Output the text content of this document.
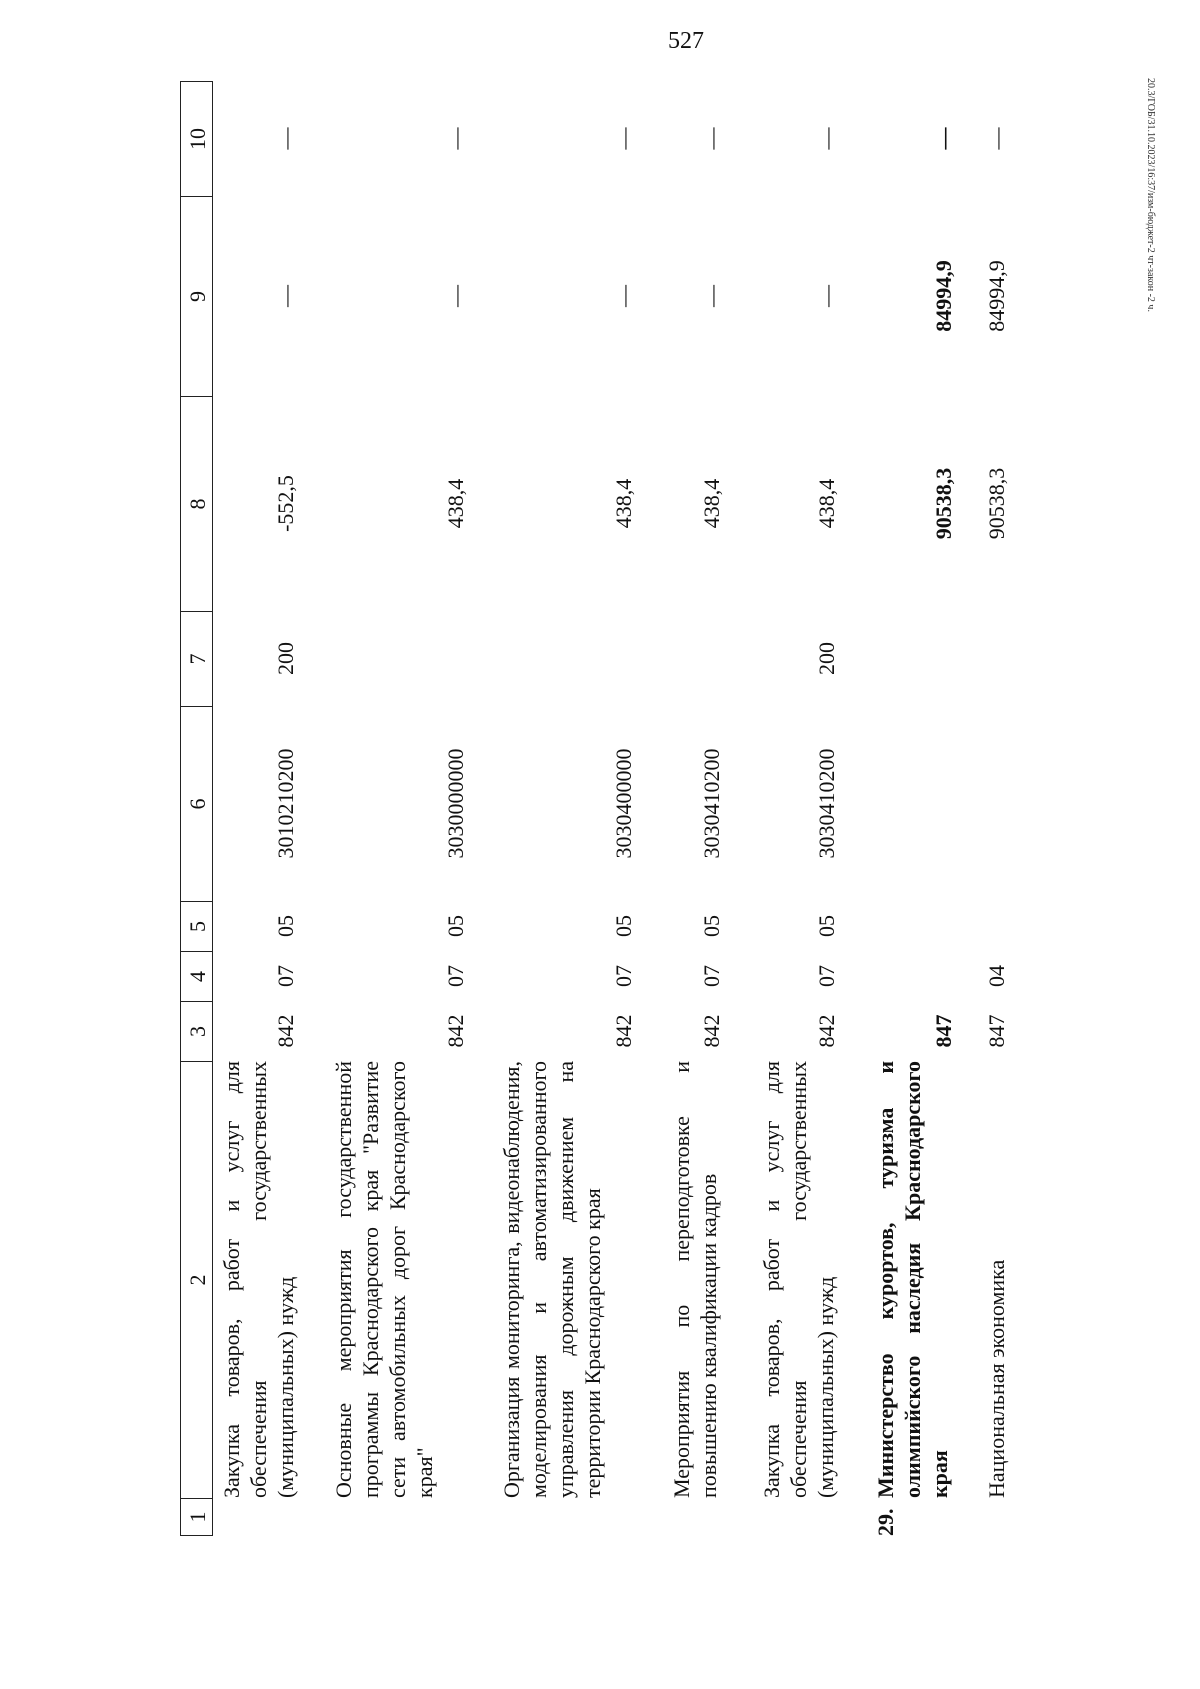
527
20.3/ГОБ/31.10.2023/16:37/изм-бюджет-2 чт-закон -2 ч.
1
2
3
4
5
6
7
8
9
10
Закупка товаров, работ и услуг для обеспечения государственных (муниципальных) нужд
842
07
05
3010210200
200
-552,5
—
—
Основные мероприятия государственной программы Краснодарского края "Развитие сети автомобильных дорог Краснодарского края"
842
07
05
3030000000
438,4
—
—
Организация мониторинга, видеонаблюдения, моделирования и автоматизированного управления дорожным движением на территории Краснодарского края
842
07
05
3030400000
438,4
—
—
Мероприятия по переподготовке и повышению квалификации кадров
842
07
05
3030410200
438,4
—
—
Закупка товаров, работ и услуг для обеспечения государственных (муниципальных) нужд
842
07
05
3030410200
200
438,4
—
—
29.
Министерство курортов, туризма и олимпийского наследия Краснодарского края
847
90538,3
84994,9
—
Национальная экономика
847
04
90538,3
84994,9
—
